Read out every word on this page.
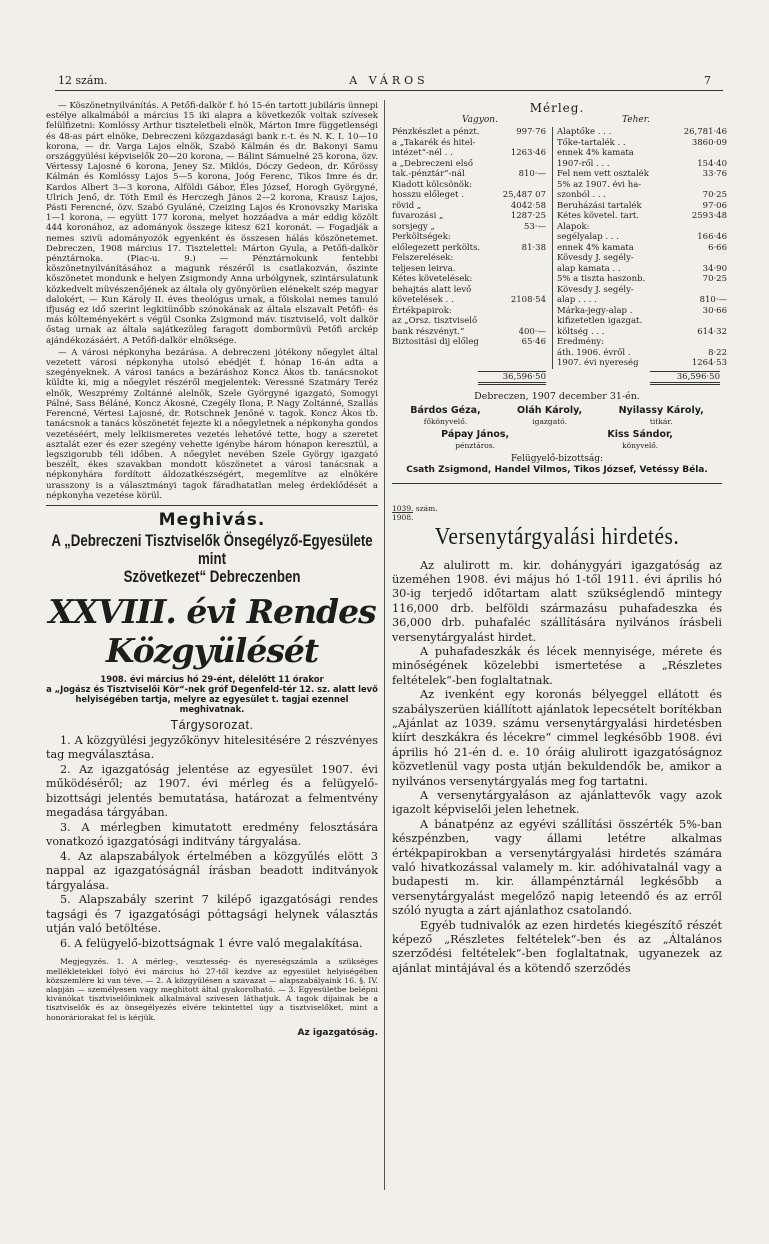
12 szám.	A VÁROS	7

— Köszönetnyilvánítás. A Petőfi-dalkör f. hó 15-én tartott jubiláris ünnepi estélye alkalmából a március 15 iki alapra a következők voltak szívesek felülfizetni: Komlóssy Arthur tiszteletbeli elnök, Márton Imre függetlenségi és 48-as párt elnöke, Debreczeni közgazdasági bank r.-t. és N. K. I. 10—10 korona, — dr. Varga Lajos elnök, Szabó Kálmán és dr. Bakonyi Samu országgyülési képviselők 20—20 korona, — Bálint Sámuelné 25 korona, özv. Vértessy Lajosné 6 korona, Jeney Sz. Miklós, Dóczy Gedeon, dr. Kőrössy Kálmán és Komlóssy Lajos 5—5 korona, Joóg Ferenc, Tikos Imre és dr. Kardos Albert 3—3 korona, Alföldi Gábor, Éles József, Horogh Györgyné, Ulrich Jenő, dr. Tóth Emil és Herczegh János 2—2 korona, Krausz Lajos, Pásti Ferencné, özv. Szabó Gyuláné, Czeizing Lajos és Kronovszky Mariska 1—1 korona, — együtt 177 korona, melyet hozzáadva a már eddig közölt 444 koronához, az adományok összege kitesz 621 koronát. — Fogadják a nemes szivü adományozók egyenként és összesen hálás köszönetemet. Debreczen, 1908 március 17. Tisztelettel: Márton Gyula, a Petőfi-dalkör pénztárnoka. (Piac-u. 9.) — Pénztárnokunk fentebbi köszönetnyilvánításához a magunk részéről is csatlakozván, őszinte köszönetet mondunk e helyen Zsigmondy Anna urbólgynek, szintársulatunk közkedvelt müvészenőjének az általa oly gyönyörüen elénekelt szép magyar dalokért, — Kun Károly II. éves theológus urnak, a főiskolai nemes tanuló ifjuság ez idő szerint legkitünőbb szónokának az általa elszavalt Petőfi- és más költeményekért s végül Csonka Zsigmond máv. tisztviselő, volt dalkör őstag urnak az általa sajátkezüleg faragott dombormüvü Petőfi arckép ajándékozásáért. A Petőfi-dalkör elnöksége.

— A városi népkonyha bezárása. A debreczeni jótékony nőegylet által vezetett városi népkonyha utolsó ebédjét f. hónap 16-án adta a szegényeknek. A városi tanács a bezáráshoz Koncz Ákos tb. tanácsnokot küldte ki, mig a nőegylet részéről megjelentek: Veressné Szatmáry Teréz elnök, Weszprémy Zoltánné alelnök, Szele Györgyné igazgató, Somogyi Pálné, Sass Béláné, Koncz Ákosné, Czegély Ilona, P. Nagy Zoltánné, Szallás Ferencné, Vértesi Lajosné, dr. Rotschnek Jenőné v. tagok. Koncz Ákos tb. tanácsnok a tanács köszönetét fejezte ki a nőegyletnek a népkonyha gondos vezetéséért, mely lelkiismeretes vezetés lehetővé tette, hogy a szeretet asztalát ezer és ezer szegény vehette igénybe három hónapon keresztül, a legszigorubb téli időben. A nőegylet nevében Szele György igazgató beszélt, ékes szavakban mondott köszönetet a városi tanácsnak a népkonyhára fordított áldozatkészségért, megemlítve az elnökére urasszony is a választmányi tagok fáradhatatlan meleg érdeklődését a népkonyha vezetése körül.

Meghivás.
A „Debreczeni Tisztviselők Önsegélyző-Egyesülete mint
Szövetkezet“ Debreczenben
XXVIII. évi Rendes Közgyülését

1908. évi március hó 29-ént, délelőtt 11 órakor

a „Jogász és Tisztviselői Kör“-nek gróf Degenfeld-tér 12. sz. alatt levő helyiségében tartja, melyre az egyesület t. tagjai ezennel meghivatnak.

Tárgysorozat.

1. A közgyülési jegyzőkönyv hitelesitésére 2 részvényes tag megválasztása.

2. Az igazgatóság jelentése az egyesület 1907. évi működéséről; az 1907. évi mérleg és a felügyelő-bizottsági jelentés bemutatása, határozat a felmentvény megadása tárgyában.

3. A mérlegben kimutatott eredmény felosztására vonatkozó igazgatósági inditvány tárgyalása.

4. Az alapszabályok értelmében a közgyűlés elött 3 nappal az igazgatóságnál írásban beadott inditványok tárgyalása.

5. Alapszabály szerint 7 kilépő igazgatósági rendes tagsági és 7 igazgatósági póttagsági helynek választás utján való betöltése.

6. A felügyelő-bizottságnak 1 évre való megalakítása.

Megjegyzés. 1. A mérleg-, vesztesség- és nyereségszámla a szükséges mellékletekkel folyó évi március hó 27-től kezdve az egyesület helyiségében közszemlére ki van téve. — 2. A közgyülésen a szavazat — alapszabályaink 16. §. IV. alapján — személyesen vagy meghitott által gyakorolható. — 3. Egyesületbe belépni kivánókat tisztviselőinknek alkalmával szivesen láthatjuk. A tagok díjainak be a tisztviselők és az önsegélyezés elvére tekintettel úgy a tisztviselőket, mint a honoráriorakat fel is kérjük.

Az igazgatóság.
Mérleg.
Vagyon.	Teher.
Pénzkészlet a pénzt.	997·76	Alaptőke . . .	26,781·46
a „Takarék és hitel-		Tőke-tartalék . .	3860·09
intézet“-nél . .	1263·46	ennek 4% kamata	
a „Debreczeni első		1907-ről . . .	154·40
tak.-pénztár“-nál	810·—	Fel nem vett osztalék	33·76
Kiadott kölcsönök:		5% az 1907. évi ha-	
hosszu előleget .	25,487 07	szonból . . .	70·25
rövid „	4042·58	Beruházási tartalék	97·06
fuvarozási „	1287·25	Kétes követel. tart.	2593·48
sorsjegy „	53·—	Alapok:	
Perköltségek:		segélyalap . . .	166·46
előlegezett perkölts.	81·38	ennek 4% kamata	6·66
Felszerelések:		Kövesdy J. segély-	
teljesen leirva.		alap kamata . .	34·90
Kétes követelések:		5% a tiszta haszonb.	70·25
behajtás alatt levő		Kövesdy J. segély-	
követelések . .	2108·54	alap . . . .	810·—
Értékpapirok:		Márka-jegy-alap .	30·66
az „Orsz. tisztviselő		kifizetetlen igazgat.	
bank részvényt.“	400·—	költség . . .	614·32
Biztositási dij előleg	65·46	Eredmény:	
		áth. 1906. évről .	8·22
		1907. évi nyereség	1264·53
36,596·50	36,596·50
Debreczen, 1907 december 31-én.
Bárdos Géza,
főkönyvelő.
Oláh Károly,
igazgató.
Nyilassy Károly,
titkár.
Pápay János,
pénztáros.
Kiss Sándor,
könyvelő.
Felügyelő-bizottság:
Csath Zsigmond, Handel Vilmos, Tikos József, Vetéssy Béla.
1039. szám.
1908.
Versenytárgyalási hirdetés.

Az alulirott m. kir. dohánygyári igazgatóság az üzeméhen 1908. évi május hó 1-től 1911. évi április hó 30-ig terjedő időtartam alatt szükséglendő mintegy 116,000 drb. belföldi származásu puhafadeszka és 36,000 drb. puhafaléc szállítására nyilvános írásbeli versenytárgyalást hirdet.

A puhafadeszkák és lécek mennyisége, mérete és minőségének közelebbi ismertetése a „Részletes feltételek“-ben foglaltatnak.

Az ivenként egy koronás bélyeggel ellátott és szabályszerüen kiállított ajánlatok lepecsételt borítékban „Ajánlat az 1039. számu versenytárgyalási hirdetésben kiírt deszkákra és lécekre“ cimmel legkésőbb 1908. évi április hó 21-én d. e. 10 óráig alulirott igazgatóságnoz közvetlenül vagy posta utján bekuldendők be, amikor a nyilvános versenytárgyalás meg fog tartatni.

A versenytárgyaláson az ajánlattevők vagy azok igazolt képviselői jelen lehetnek.

A bánatpénz az egyévi szállítási összérték 5%-ban készpénzben, vagy állami letétre alkalmas értékpapirokban a versenytárgyalási hirdetés számára való hivatkozással valamely m. kir. adóhivatalnál vagy a budapesti m. kir. állampénztárnál legkésőbb a versenytárgyalást megelőző napig leteendő és az erről szóló nyugta a zárt ajánlathoz csatolandó.

Egyéb tudnivalók az ezen hirdetés kiegészítő részét képező „Részletes feltételek“-ben és az „Általános szerződési feltételek“-ben foglaltatnak, ugyanezek az ajánlat mintájával és a kötendő szerződés
